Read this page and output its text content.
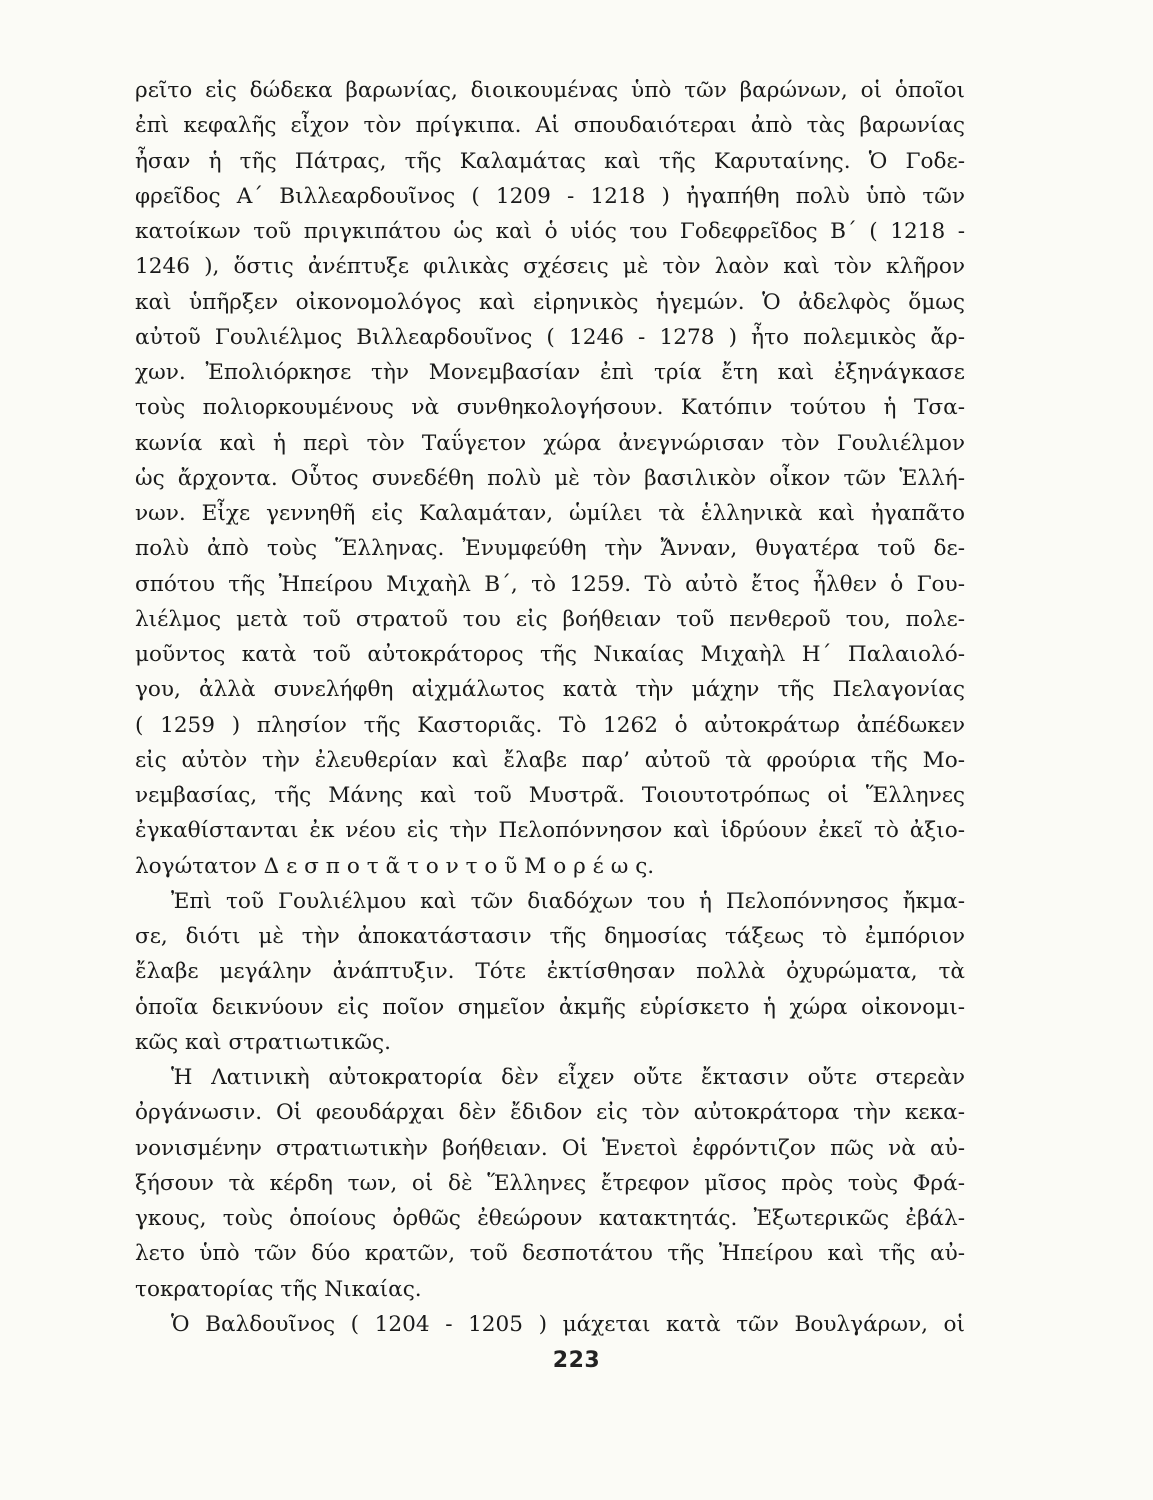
ρεῖτο εἰς δώδεκα βαρωνίας, διοικουμένας ὑπὸ τῶν βαρώνων, οἱ ὁποῖοι
ἐπὶ κεφαλῆς εἶχον τὸν πρίγκιπα. Αἱ σπουδαιότεραι ἀπὸ τὰς βαρωνίας
ἦσαν ἡ τῆς Πάτρας, τῆς Καλαμάτας καὶ τῆς Καρυταίνης. Ὁ Γοδε-
φρεῖδος Α΄ Βιλλεαρδουῖνος ( 1209 - 1218 ) ἠγαπήθη πολὺ ὑπὸ τῶν
κατοίκων τοῦ πριγκιπάτου ὡς καὶ ὁ υἱός του Γοδεφρεῖδος Β΄ ( 1218 -
1246 ), ὅστις ἀνέπτυξε φιλικὰς σχέσεις μὲ τὸν λαὸν καὶ τὸν κλῆρον
καὶ ὑπῆρξεν οἰκονομολόγος καὶ εἰρηνικὸς ἡγεμών. Ὁ ἀδελφὸς ὅμως
αὐτοῦ Γουλιέλμος Βιλλεαρδουῖνος ( 1246 - 1278 ) ἦτο πολεμικὸς ἄρ-
χων. Ἐπολιόρκησε τὴν Μονεμβασίαν ἐπὶ τρία ἔτη καὶ ἐξηνάγκασε
τοὺς πολιορκουμένους νὰ συνθηκολογήσουν. Κατόπιν τούτου ἡ Τσα-
κωνία καὶ ἡ περὶ τὸν Ταΰγετον χώρα ἀνεγνώρισαν τὸν Γουλιέλμον
ὡς ἄρχοντα. Οὗτος συνεδέθη πολὺ μὲ τὸν βασιλικὸν οἶκον τῶν Ἑλλή-
νων. Εἶχε γεννηθῆ εἰς Καλαμάταν, ὡμίλει τὰ ἑλληνικὰ καὶ ἠγαπᾶτο
πολὺ ἀπὸ τοὺς Ἕλληνας. Ἐνυμφεύθη τὴν Ἄνναν, θυγατέρα τοῦ δε-
σπότου τῆς Ἠπείρου Μιχαὴλ Β΄, τὸ 1259. Τὸ αὐτὸ ἔτος ἦλθεν ὁ Γου-
λιέλμος μετὰ τοῦ στρατοῦ του εἰς βοήθειαν τοῦ πενθεροῦ του, πολε-
μοῦντος κατὰ τοῦ αὐτοκράτορος τῆς Νικαίας Μιχαὴλ Η΄ Παλαιολό-
γου, ἀλλὰ συνελήφθη αἰχμάλωτος κατὰ τὴν μάχην τῆς Πελαγονίας
( 1259 ) πλησίον τῆς Καστοριᾶς. Τὸ 1262 ὁ αὐτοκράτωρ ἀπέδωκεν
εἰς αὐτὸν τὴν ἐλευθερίαν καὶ ἔλαβε παρ’ αὐτοῦ τὰ φρούρια τῆς Μο-
νεμβασίας, τῆς Μάνης καὶ τοῦ Μυστρᾶ. Τοιουτοτρόπως οἱ Ἕλληνες
ἐγκαθίστανται ἐκ νέου εἰς τὴν Πελοπόννησον καὶ ἱδρύουν ἐκεῖ τὸ ἀξιο-
λογώτατον Δ ε σ π ο τ ᾶ τ ο ν τ ο ῦ Μ ο ρ έ ω ς.
Ἐπὶ τοῦ Γουλιέλμου καὶ τῶν διαδόχων του ἡ Πελοπόννησος ἤκμα-
σε, διότι μὲ τὴν ἀποκατάστασιν τῆς δημοσίας τάξεως τὸ ἐμπόριον
ἔλαβε μεγάλην ἀνάπτυξιν. Τότε ἐκτίσθησαν πολλὰ ὀχυρώματα, τὰ
ὁποῖα δεικνύουν εἰς ποῖον σημεῖον ἀκμῆς εὑρίσκετο ἡ χώρα οἰκονομι-
κῶς καὶ στρατιωτικῶς.
Ἡ Λατινικὴ αὐτοκρατορία δὲν εἶχεν οὔτε ἔκτασιν οὔτε στερεὰν
ὀργάνωσιν. Οἱ φεουδάρχαι δὲν ἔδιδον εἰς τὸν αὐτοκράτορα τὴν κεκα-
νονισμένην στρατιωτικὴν βοήθειαν. Οἱ Ἑνετοὶ ἐφρόντιζον πῶς νὰ αὐ-
ξήσουν τὰ κέρδη των, οἱ δὲ Ἕλληνες ἔτρεφον μῖσος πρὸς τοὺς Φρά-
γκους, τοὺς ὁποίους ὀρθῶς ἐθεώρουν κατακτητάς. Ἐξωτερικῶς ἐβάλ-
λετο ὑπὸ τῶν δύο κρατῶν, τοῦ δεσποτάτου τῆς Ἠπείρου καὶ τῆς αὐ-
τοκρατορίας τῆς Νικαίας.
Ὁ Βαλδουῖνος ( 1204 - 1205 ) μάχεται κατὰ τῶν Βουλγάρων, οἱ
223
